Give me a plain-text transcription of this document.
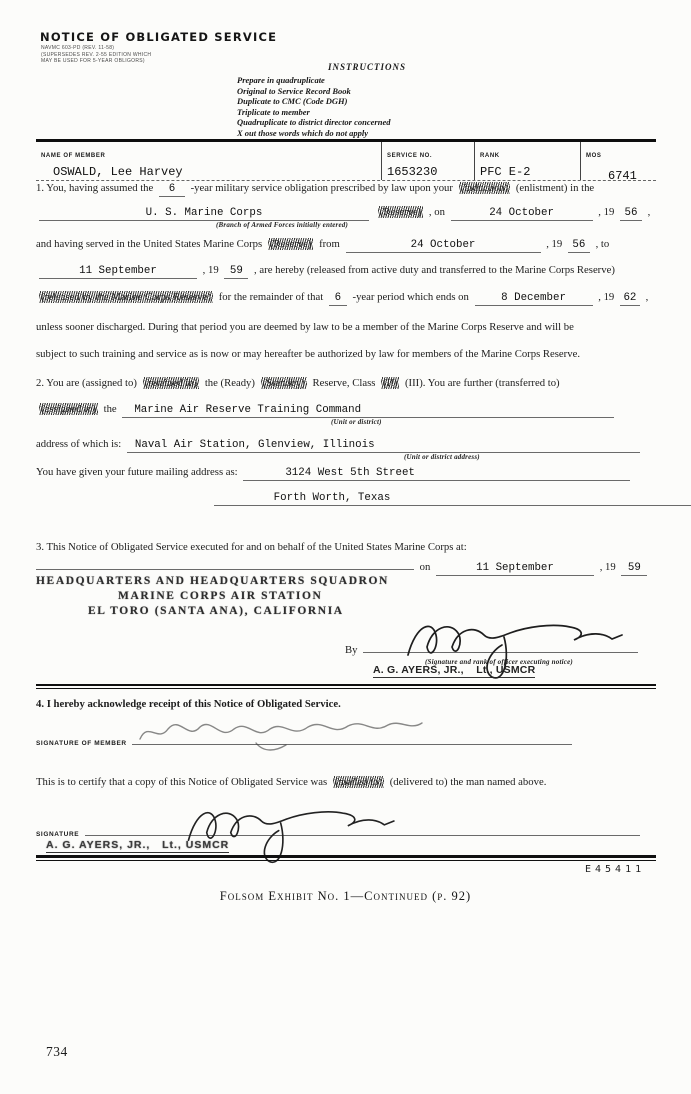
NOTICE OF OBLIGATED SERVICE
NAVMC 603-PD (REV. 11-58)
(SUPERSEDES REV. 2-55 EDITION WHICH
MAY BE USED FOR 5-YEAR OBLIGORS)
INSTRUCTIONS
Prepare in quadruplicate
Original to Service Record Book
Duplicate to CMC (Code DGH)
Triplicate to member
Quadruplicate to district director concerned
X out those words which do not apply
NAME OF MEMBER
OSWALD, Lee Harvey
SERVICE NO.
1653230
RANK
PFC E-2
MOS
6741
1. You, having assumed the 6 -year military service obligation prescribed by law upon your (induction) (enlistment) in the
U. S. Marine Corps	(Reserve) , on	24 October	, 19 56 ,
(Branch of Armed Forces initially entered)
and having served in the United States Marine Corps (Reserve) from	24 October	, 19 56 , to
11 September	, 19 59 , are hereby (released from active duty and transferred to the Marine Corps Reserve)
(released by the Marine Corps Reserve) for the remainder of that 6 -year period which ends on	8 December	, 19 62 ,
unless sooner discharged. During that period you are deemed by law to be a member of the Marine Corps Reserve and will be
subject to such training and service as is now or may hereafter be authorized by law for members of the Marine Corps Reserve.
2. You are (assigned to) (retained in) the (Ready) (Standby) Reserve, Class (II) (III). You are further (transferred to)
(assigned to) the Marine Air Reserve Training Command
(Unit or district)
address of which is: Naval Air Station, Glenview, Illinois
(Unit or district address)
You have given your future mailing address as:	3124 West 5th Street
Forth Worth, Texas
3. This Notice of Obligated Service executed for and on behalf of the United States Marine Corps at:
on	11 September	, 19 59
HEADQUARTERS AND HEADQUARTERS SQUADRON
MARINE CORPS AIR STATION
EL TORO (SANTA ANA), CALIFORNIA
By
(Signature and rank of officer executing notice)
A. G. AYERS, JR.,    Lt., USMCR
4. I hereby acknowledge receipt of this Notice of Obligated Service.
SIGNATURE OF MEMBER
This is to certify that a copy of this Notice of Obligated Service was (mailed to) (delivered to) the man named above.
SIGNATURE
A. G. AYERS, JR.,   Lt., USMCR
E45411
Folsom Exhibit No. 1—Continued (p. 92)
734
